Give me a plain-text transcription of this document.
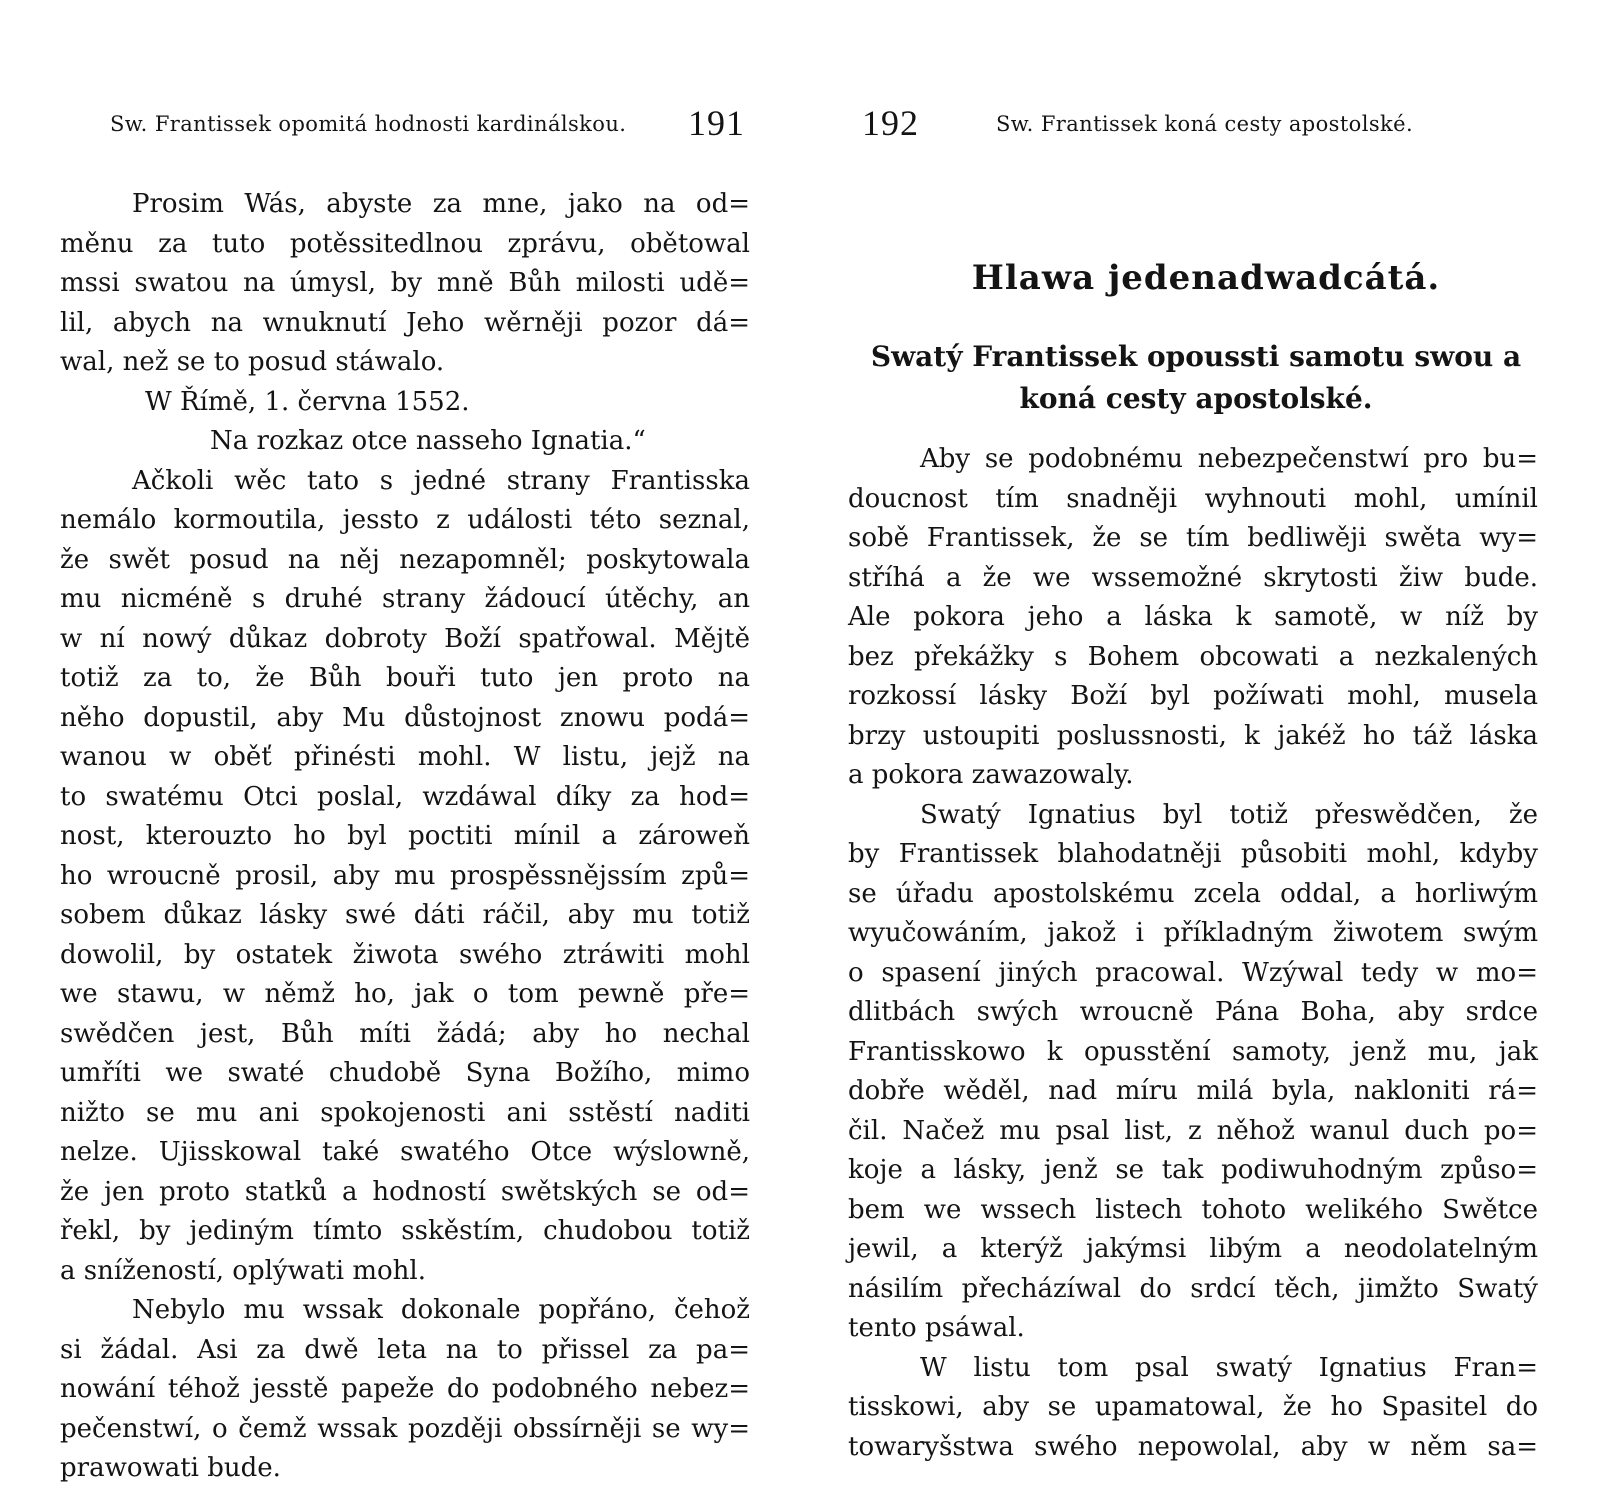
Sw. Frantissek opomitá hodnosti kardinálskou. 191
Prosim Wás, abyste za mne, jako na od=
měnu za tuto potěssitedlnou zprávu, obětowal
mssi swatou na úmysl, by mně Bůh milosti udě=
lil, abych na wnuknutí Jeho wěrněji pozor dá=
wal, než se to posud stáwalo.
W Římě, 1. června 1552.
Na rozkaz otce nasseho Ignatia.“
Ačkoli wěc tato s jedné strany Frantisska
nemálo kormoutila, jessto z události této seznal,
že swět posud na něj nezapomněl; poskytowala
mu nicméně s druhé strany žádoucí útěchy, an
w ní nowý důkaz dobroty Boží spatřowal. Mějtě
totiž za to, že Bůh bouři tuto jen proto na
něho dopustil, aby Mu důstojnost znowu podá=
wanou w oběť přinésti mohl. W listu, jejž na
to swatému Otci poslal, wzdáwal díky za hod=
nost, kterouzto ho byl poctiti mínil a zároweň
ho wroucně prosil, aby mu prospěssnějssím způ=
sobem důkaz lásky swé dáti ráčil, aby mu totiž
dowolil, by ostatek žiwota swého ztráwiti mohl
we stawu, w němž ho, jak o tom pewně pře=
swědčen jest, Bůh míti žádá; aby ho nechal
umříti we swaté chudobě Syna Božího, mimo
nižto se mu ani spokojenosti ani sstěstí naditi
nelze. Ujisskowal také swatého Otce wýslowně,
že jen proto statků a hodností swětských se od=
řekl, by jediným tímto sskěstím, chudobou totiž
a snížeností, oplýwati mohl.
Nebylo mu wssak dokonale popřáno, čehož
si žádal. Asi za dwě leta na to přissel za pa=
nowání téhož jesstě papeže do podobného nebez=
pečenstwí, o čemž wssak později obssírněji se wy=
prawowati bude.
192	Sw. Frantissek koná cesty apostolské.
Hlawa jedenadwadcátá.
Swatý Frantissek opoussti samotu swou a koná cesty apostolské.
Aby se podobnému nebezpečenstwí pro bu=
doucnost tím snadněji wyhnouti mohl, umínil
sobě Frantissek, že se tím bedliwěji swěta wy=
stříhá a že we wssemožné skrytosti žiw bude.
Ale pokora jeho a láska k samotě, w níž by
bez překážky s Bohem obcowati a nezkalených
rozkossí lásky Boží byl požíwati mohl, musela
brzy ustoupiti poslussnosti, k jakéž ho táž láska
a pokora zawazowaly.
Swatý Ignatius byl totiž přeswědčen, že
by Frantissek blahodatněji působiti mohl, kdyby
se úřadu apostolskému zcela oddal, a horliwým
wyučowáním, jakož i příkladným žiwotem swým
o spasení jiných pracowal. Wzýwal tedy w mo=
dlitbách swých wroucně Pána Boha, aby srdce
Frantisskowo k opusstění samoty, jenž mu, jak
dobře wěděl, nad míru milá byla, nakloniti rá=
čil. Načež mu psal list, z něhož wanul duch po=
koje a lásky, jenž se tak podiwuhodným způso=
bem we wssech listech tohoto welikého Swětce
jewil, a kterýž jakýmsi libým a neodolatelným
násilím přecházíwal do srdcí těch, jimžto Swatý
tento psáwal.
W listu tom psal swatý Ignatius Fran=
tisskowi, aby se upamatowal, že ho Spasitel do
towaryšstwa swého nepowolal, aby w něm sa=
